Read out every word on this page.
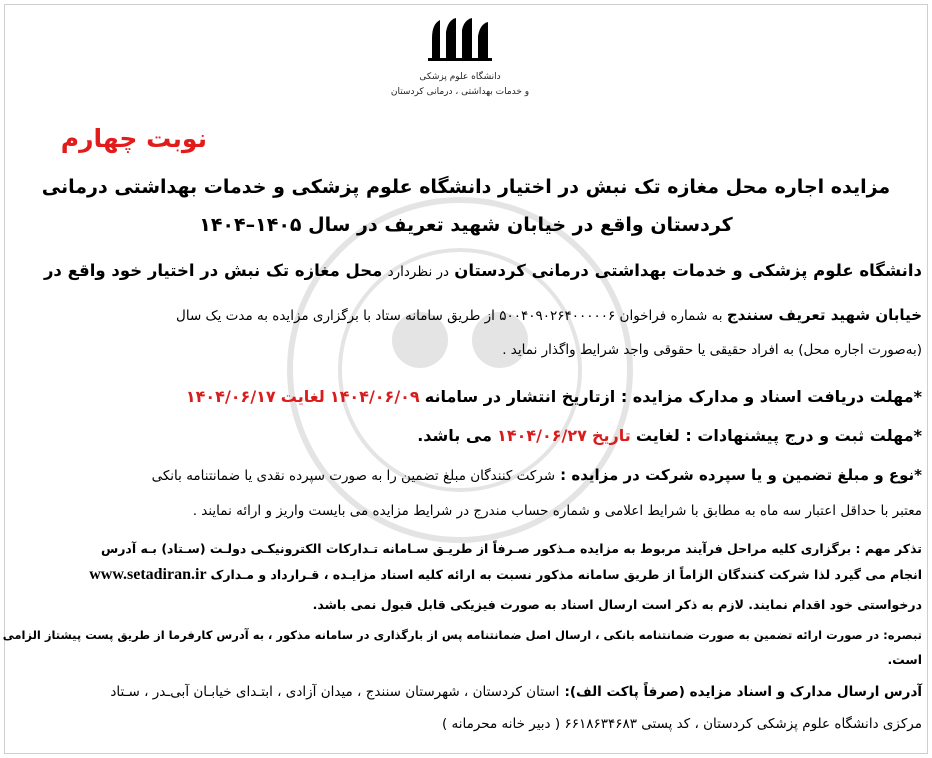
دانشگاه علوم پزشکی
و خدمات بهداشتی ، درمانی کردستان
نوبت چهارم
مزایده اجاره محل مغازه تک نبش در اختیار دانشگاه علوم پزشکی و خدمات بهداشتی درمانی
کردستان واقع در خیابان شهید تعریف در سال ۱۴۰۵–۱۴۰۴
دانشگاه علوم پزشکی و خدمات بهداشتی درمانی کردستان در نظردارد محل مغازه تک نبش در اختیار خود واقع در
خیابان شهید تعریف سنندج به شماره فراخوان ۵۰۰۴۰۹۰۲۶۴۰۰۰۰۰۶ از طریق سامانه ستاد با برگزاری مزایده به مدت یک سال
(به‌صورت اجاره محل) به افراد حقیقی یا حقوقی واجد شرایط واگذار نماید .
*مهلت دریافت اسناد و مدارک مزایده : ازتاریخ انتشار در سامانه ۱۴۰۴/۰۶/۰۹ لغایت ۱۴۰۴/۰۶/۱۷
*مهلت ثبت و درج پیشنهادات : لغایت تاریخ ۱۴۰۴/۰۶/۲۷ می باشد.
*نوع و مبلغ تضمین و یا سپرده شرکت در مزایده : شرکت کنندگان مبلغ تضمین را به صورت سپرده نقدی یا ضمانتنامه بانکی
معتبر با حداقل اعتبار سه ماه به مطابق با شرایط اعلامی و شماره حساب مندرج در شرایط مزایده می بایست واریز و ارائه نمایند .
تذکر مهم : برگزاری کلیه مراحل فرآیند مربوط به مزایده مـذکور صـرفاً از طریـق سـامانه تـدارکات الکترونیکـی دولـت (سـتاد) بـه آدرس
انجام می گیرد لذا شرکت کنندگان الزاماً از طریق سامانه مذکور نسبت به ارائه کلیه اسناد مزایـده ، قـرارداد و مـدارک www.setadiran.ir
درخواستی خود اقدام نمایند. لازم به ذکر است ارسال اسناد به صورت فیزیکی قابل قبول نمی باشد.
تبصره: در صورت ارائه تضمین به صورت ضمانتنامه بانکی ، ارسال اصل ضمانتنامه پس از بارگذاری در سامانه مذکور ، به آدرس کارفرما از طریق پست پیشتاز الزامی
است.
آدرس ارسال مدارک و اسناد مزایده (صرفاً پاکت الف): استان کردستان ، شهرستان سنندج ، میدان آزادی ، ابتـدای خیابـان آبی‌ـدر ، سـتاد
مرکزی دانشگاه علوم پزشکی کردستان ، کد پستی ۶۶۱۸۶۳۴۶۸۳ ( دبیر خانه محرمانه )
